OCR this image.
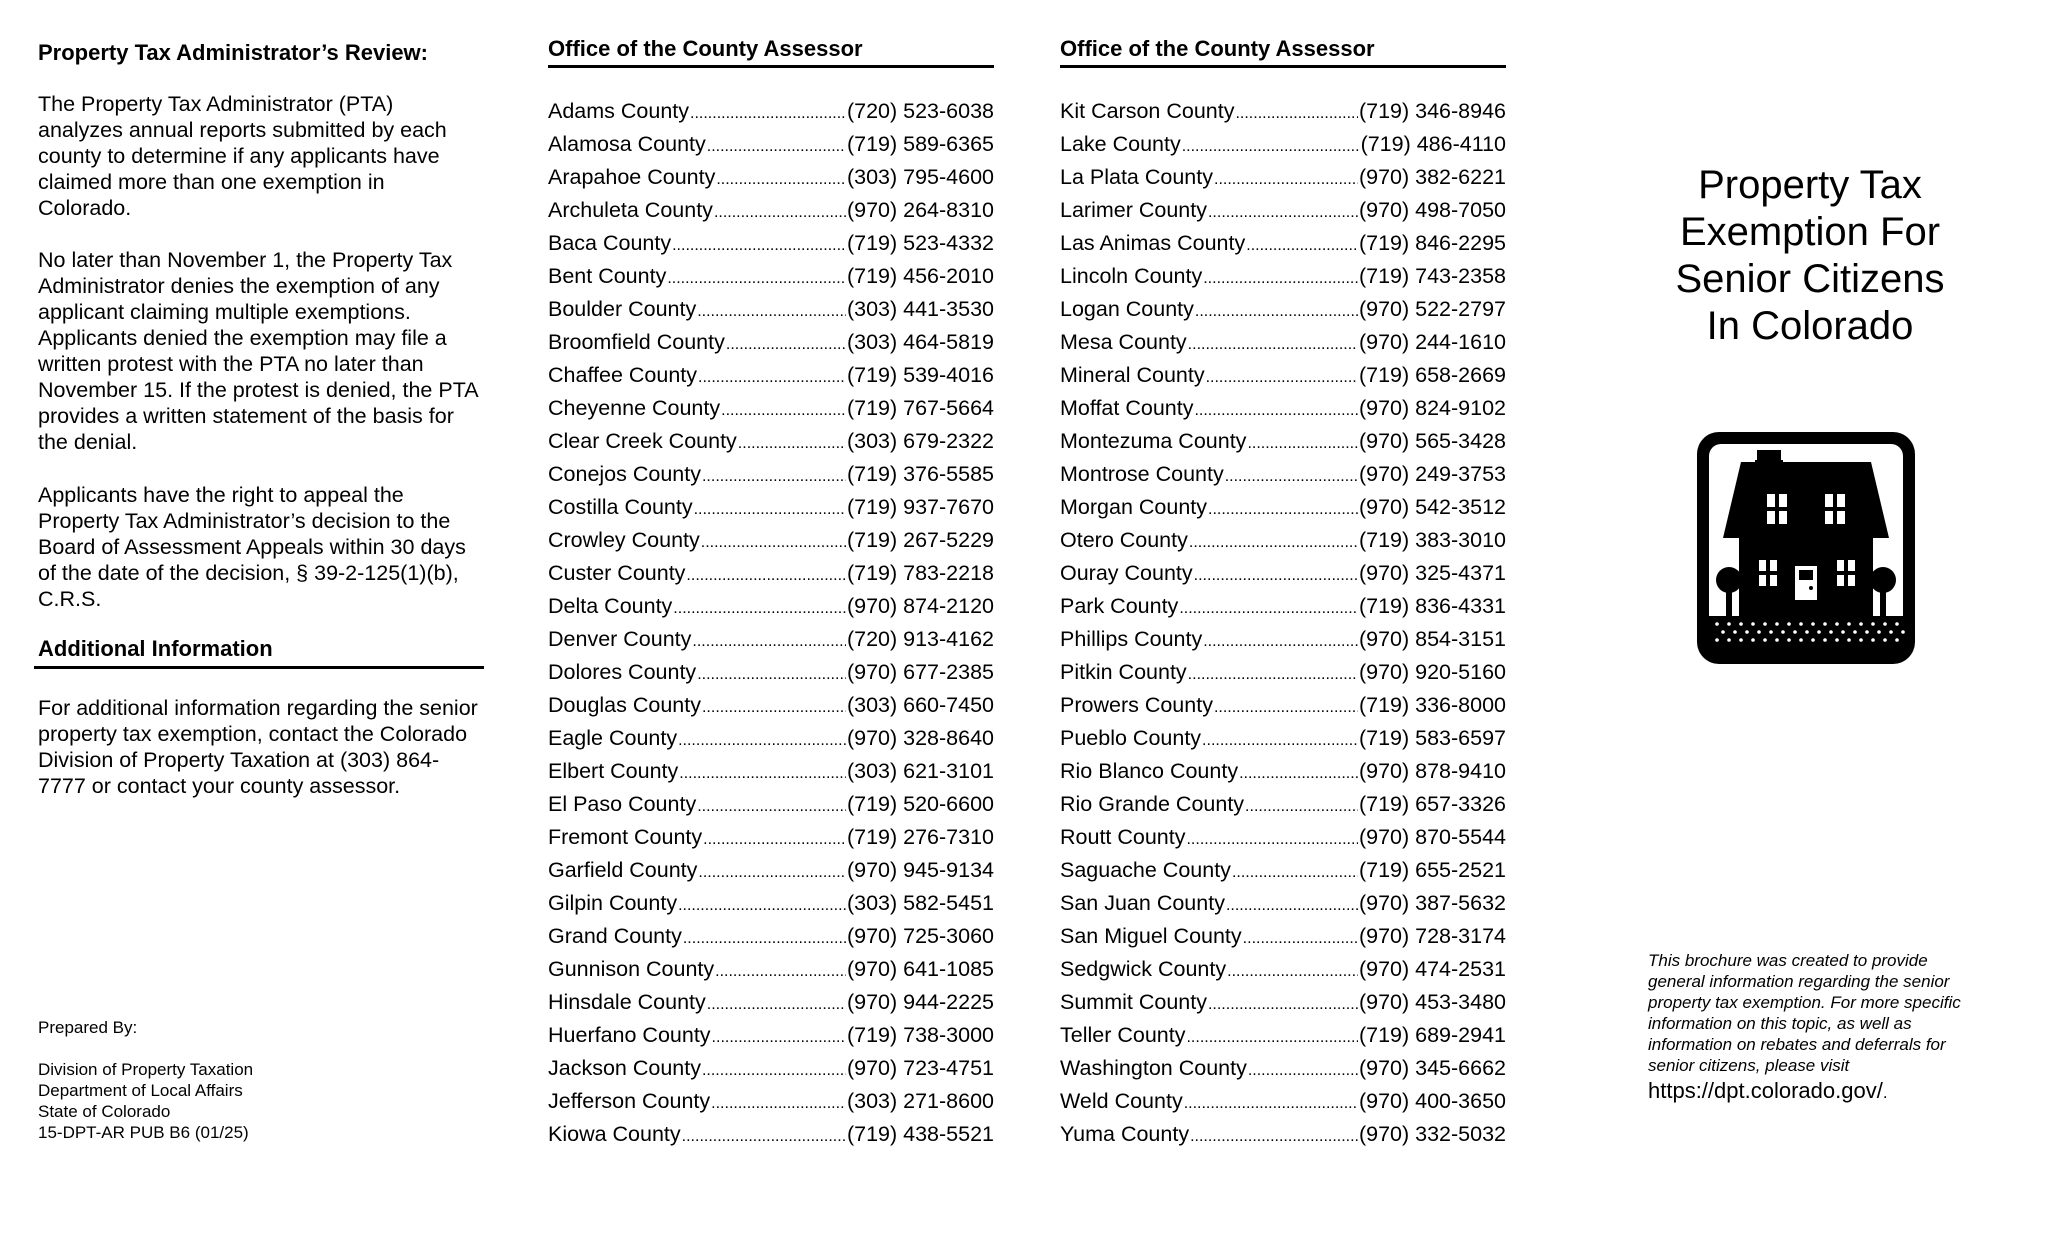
Property Tax Administrator’s Review:

The Property Tax Administrator (PTA) analyzes annual reports submitted by each county to determine if any applicants have claimed more than one exemption in Colorado.

No later than November 1, the Property Tax Administrator denies the exemption of any applicant claiming multiple exemptions. Applicants denied the exemption may file a written protest with the PTA no later than November 15. If the protest is denied, the PTA provides a written statement of the basis for the denial.

Applicants have the right to appeal the Property Tax Administrator’s decision to the Board of Assessment Appeals within 30 days of the date of the decision, § 39-2-125(1)(b), C.R.S.

Additional Information

For additional information regarding the senior property tax exemption, contact the Colorado Division of Property Taxation at (303) 864-7777 or contact your county assessor.

Prepared By:

Division of Property Taxation

Department of Local Affairs

State of Colorado

15-DPT-AR PUB B6 (01/25)

Office of the County Assessor

Adams County .....	(720) 523-6038
Alamosa County .....	(719) 589-6365
Arapahoe County .....	(303) 795-4600
Archuleta County .....	(970) 264-8310
Baca County .....	(719) 523-4332
Bent County .....	(719) 456-2010
Boulder County .....	(303) 441-3530
Broomfield County .....	(303) 464-5819
Chaffee County .....	(719) 539-4016
Cheyenne County .....	(719) 767-5664
Clear Creek County .....	(303) 679-2322
Conejos County .....	(719) 376-5585
Costilla County .....	(719) 937-7670
Crowley County .....	(719) 267-5229
Custer County .....	(719) 783-2218
Delta County .....	(970) 874-2120
Denver County .....	(720) 913-4162
Dolores County .....	(970) 677-2385
Douglas County .....	(303) 660-7450
Eagle County .....	(970) 328-8640
Elbert County .....	(303) 621-3101
El Paso County .....	(719) 520-6600
Fremont County .....	(719) 276-7310
Garfield County .....	(970) 945-9134
Gilpin County .....	(303) 582-5451
Grand County .....	(970) 725-3060
Gunnison County .....	(970) 641-1085
Hinsdale County .....	(970) 944-2225
Huerfano County .....	(719) 738-3000
Jackson County .....	(970) 723-4751
Jefferson County .....	(303) 271-8600
Kiowa County .....	(719) 438-5521

Office of the County Assessor

Kit Carson County .....	(719) 346-8946
Lake County .....	(719) 486-4110
La Plata County .....	(970) 382-6221
Larimer County .....	(970) 498-7050
Las Animas County .....	(719) 846-2295
Lincoln County .....	(719) 743-2358
Logan County .....	(970) 522-2797
Mesa County .....	(970) 244-1610
Mineral County .....	(719) 658-2669
Moffat County .....	(970) 824-9102
Montezuma County .....	(970) 565-3428
Montrose County .....	(970) 249-3753
Morgan County .....	(970) 542-3512
Otero County .....	(719) 383-3010
Ouray County .....	(970) 325-4371
Park County .....	(719) 836-4331
Phillips County .....	(970) 854-3151
Pitkin County .....	(970) 920-5160
Prowers County .....	(719) 336-8000
Pueblo County .....	(719) 583-6597
Rio Blanco County .....	(970) 878-9410
Rio Grande County .....	(719) 657-3326
Routt County .....	(970) 870-5544
Saguache County .....	(719) 655-2521
San Juan County .....	(970) 387-5632
San Miguel County .....	(970) 728-3174
Sedgwick County .....	(970) 474-2531
Summit County .....	(970) 453-3480
Teller County .....	(719) 689-2941
Washington County .....	(970) 345-6662
Weld County .....	(970) 400-3650
Yuma County .....	(970) 332-5032
Property Tax
Exemption For
Senior Citizens
In Colorado

This brochure was created to provide general information regarding the senior property tax exemption. For more specific information on this topic, as well as information on rebates and deferrals for senior citizens, please visit

https://dpt.colorado.gov/.
